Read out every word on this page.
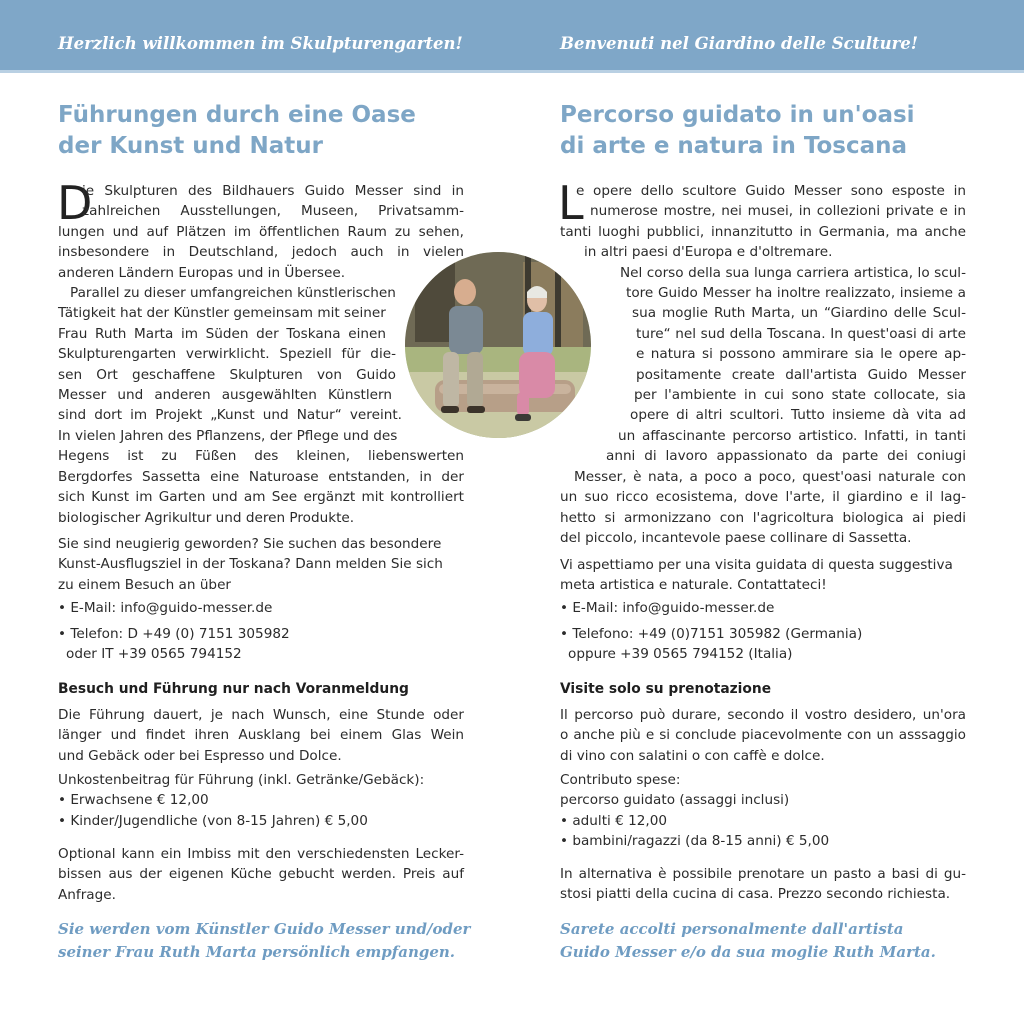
Herzlich willkommen im Skulpturengarten!	Benvenuti nel Giardino delle Sculture!
Führungen durch eine Oase
der Kunst und Natur
D
ie Skulpturen des Bildhauers Guido Messer sind in
zahlreichen Ausstellungen, Museen, Privatsamm-
lungen und auf Plätzen im öffentlichen Raum zu sehen,
insbesondere in Deutschland, jedoch auch in vielen
anderen Ländern Europas und in Übersee.
Parallel zu dieser umfangreichen künstlerischen
Tätigkeit hat der Künstler gemeinsam mit seiner
Frau Ruth Marta im Süden der Toskana einen
Skulpturengarten verwirklicht. Speziell für die-
sen Ort geschaffene Skulpturen von Guido
Messer und anderen ausgewählten Künstlern
sind dort im Projekt „Kunst und Natur“ vereint.
In vielen Jahren des Pflanzens, der Pflege und des
Hegens ist zu Füßen des kleinen, liebenswerten
Bergdorfes Sassetta eine Naturoase entstanden, in der
sich Kunst im Garten und am See ergänzt mit kontrolliert
biologischer Agrikultur und deren Produkte.
Sie sind neugierig geworden? Sie suchen das besondere
Kunst-Ausflugsziel in der Toskana? Dann melden Sie sich
zu einem Besuch an über
• E-Mail: info@guido-messer.de
• Telefon: D +49 (0) 7151 305982
oder IT +39 0565 794152
Besuch und Führung nur nach Voranmeldung
Die Führung dauert, je nach Wunsch, eine Stunde oder
länger und findet ihren Ausklang bei einem Glas Wein
und Gebäck oder bei Espresso und Dolce.
Unkostenbeitrag für Führung (inkl. Getränke/Gebäck):
• Erwachsene € 12,00
• Kinder/Jugendliche (von 8-15 Jahren) € 5,00
Optional kann ein Imbiss mit den verschiedensten Lecker-
bissen aus der eigenen Küche gebucht werden. Preis auf
Anfrage.
Sie werden vom Künstler Guido Messer und/oder
seiner Frau Ruth Marta persönlich empfangen.
Percorso guidato in un'oasi
di arte e natura in Toscana
L
e opere dello scultore Guido Messer sono esposte in
numerose mostre, nei musei, in collezioni private e in
tanti luoghi pubblici, innanzitutto in Germania, ma anche
in altri paesi d'Europa e d'oltremare.
Nel corso della sua lunga carriera artistica, lo scul-
tore Guido Messer ha inoltre realizzato, insieme a
sua moglie Ruth Marta, un “Giardino delle Scul-
ture“ nel sud della Toscana. In quest'oasi di arte
e natura si possono ammirare sia le opere ap-
positamente create dall'artista Guido Messer
per l'ambiente in cui sono state collocate, sia
opere di altri scultori. Tutto insieme dà vita ad
un affascinante percorso artistico. Infatti, in tanti
anni di lavoro appassionato da parte dei coniugi
Messer, è nata, a poco a poco, quest'oasi naturale con
un suo ricco ecosistema, dove l'arte, il giardino e il lag-
hetto si armonizzano con l'agricoltura biologica ai piedi
del piccolo, incantevole paese collinare di Sassetta.
Vi aspettiamo per una visita guidata di questa suggestiva
meta artistica e naturale. Contattateci!
• E-Mail: info@guido-messer.de
• Telefono: +49 (0)7151 305982 (Germania)
oppure +39 0565 794152 (Italia)
Visite solo su prenotazione
Il percorso può durare, secondo il vostro desidero, un'ora
o anche più e si conclude piacevolmente con un asssaggio
di vino con salatini o con caffè e dolce.
Contributo spese:
percorso guidato (assaggi inclusi)
• adulti € 12,00
• bambini/ragazzi (da 8-15 anni) € 5,00
In alternativa è possibile prenotare un pasto a basi di gu-
stosi piatti della cucina di casa. Prezzo secondo richiesta.
Sarete accolti personalmente dall'artista
Guido Messer e/o da sua moglie Ruth Marta.
